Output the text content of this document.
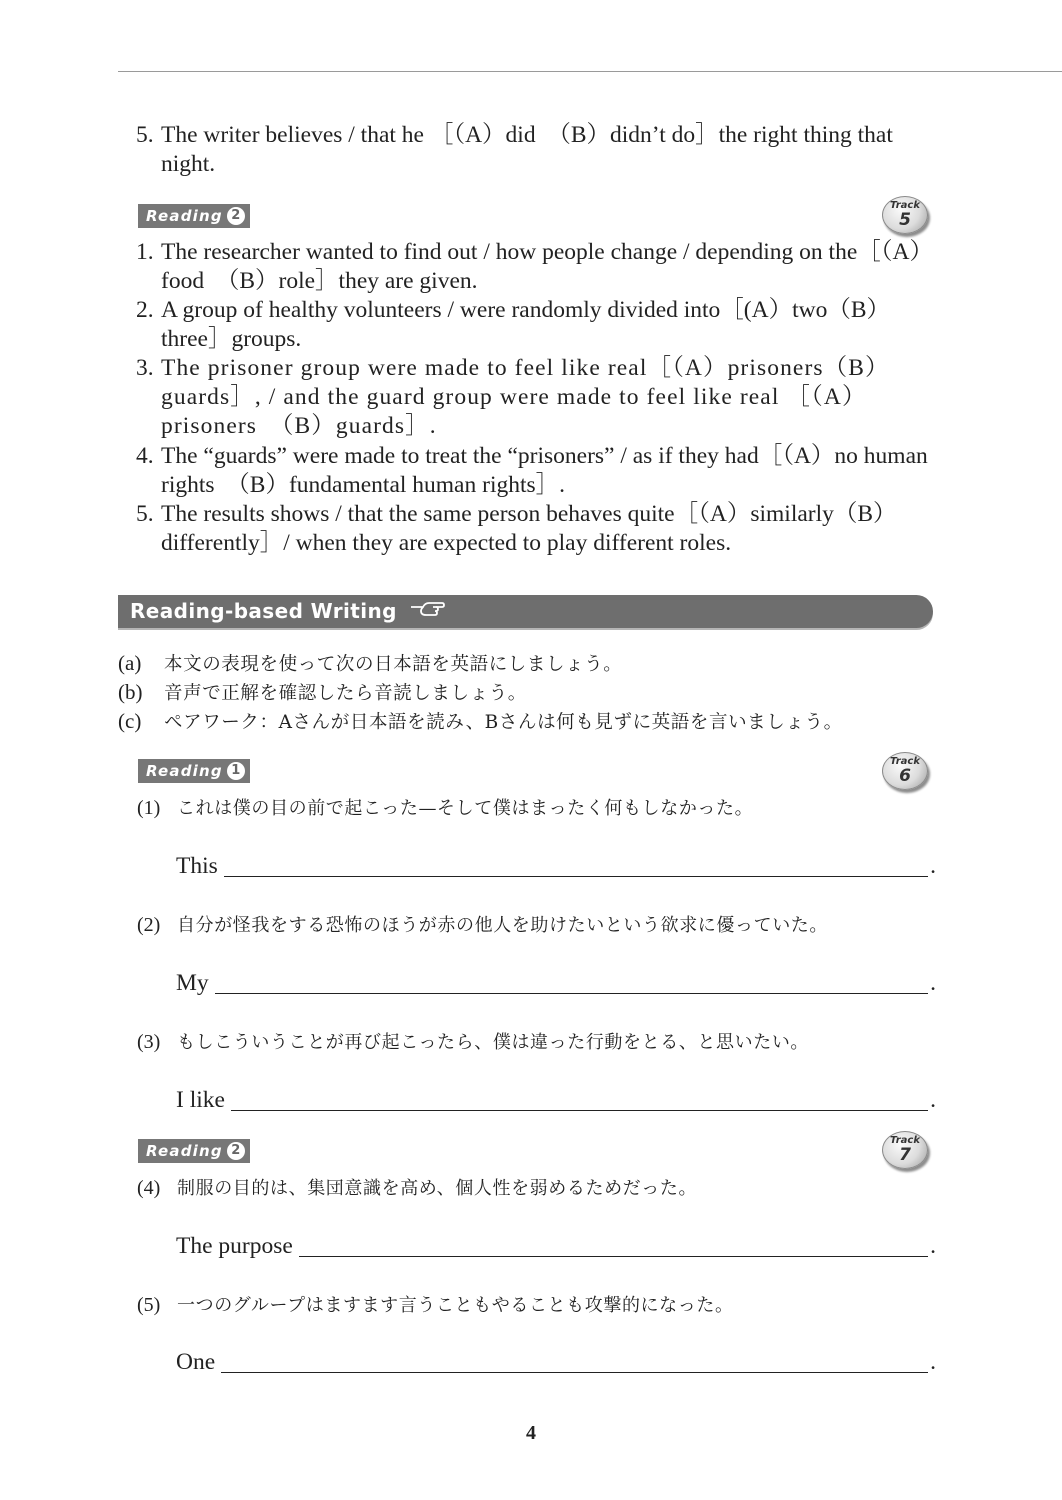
5. The writer believes / that he ［（A）did　（B）didn’t do］the right thing that night.
Reading 2
Track
5
1. The researcher wanted to find out / how people change / depending on the［（A）food　（B）role］they are given.
2. A group of healthy volunteers / were randomly divided into［(A）two（B）three］groups.
3. The prisoner group were made to feel like real［（A）prisoners（B）guards］, / and the guard group were made to feel like real ［（A）prisoners　（B）guards］.
4. The “guards” were made to treat the “prisoners” / as if they had［（A）no human rights　（B）fundamental human rights］.
5. The results shows / that the same person behaves quite［（A）similarly（B）differently］/ when they are expected to play different roles.
Reading-based Writing
(a) 本文の表現を使って次の日本語を英語にしましょう。
(b) 音声で正解を確認したら音読しましょう。
(c) ペアワーク：Aさんが日本語を読み、Bさんは何も見ずに英語を言いましょう。
Reading 1
Track
6
(1) これは僕の目の前で起こった—そして僕はまったく何もしなかった。
This	.
(2) 自分が怪我をする恐怖のほうが赤の他人を助けたいという欲求に優っていた。
My	.
(3) もしこういうことが再び起こったら、僕は違った行動をとる、と思いたい。
I like	.
Reading 2
Track
7
(4) 制服の目的は、集団意識を高め、個人性を弱めるためだった。
The purpose	.
(5) 一つのグループはますます言うこともやることも攻撃的になった。
One	.
4
